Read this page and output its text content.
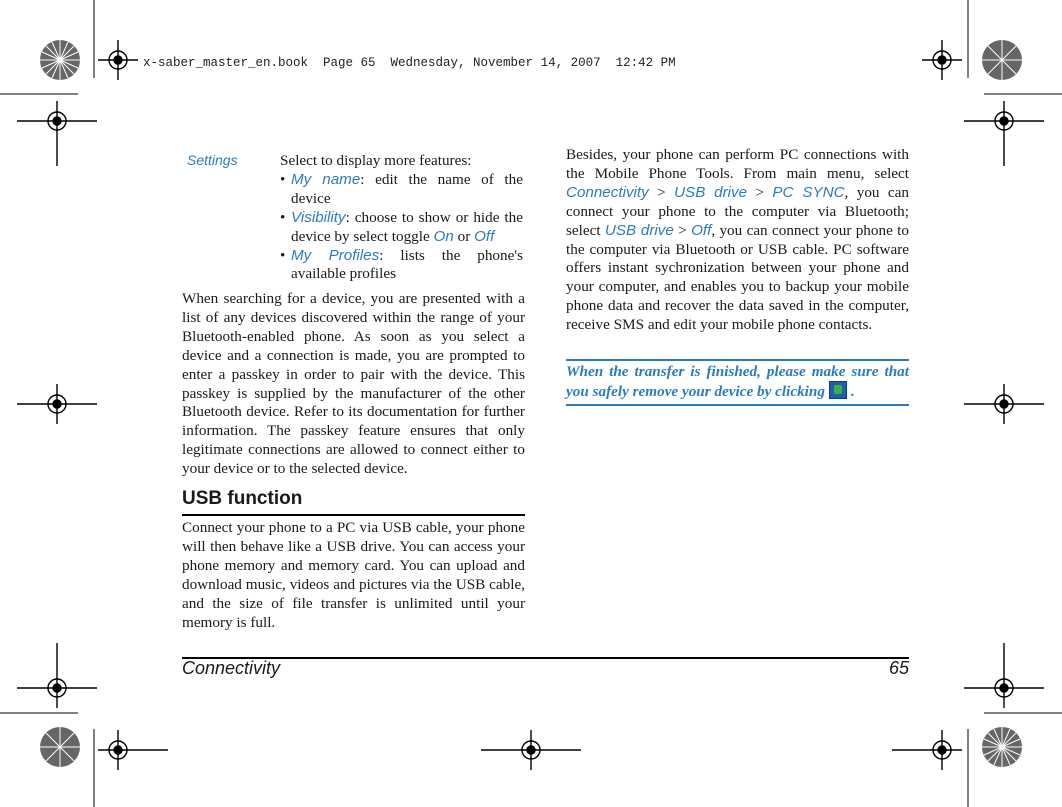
x-saber_master_en.book  Page 65  Wednesday, November 14, 2007  12:42 PM
Settings	Select to display more features:

• My name: edit the name of the device
• Visibility: choose to show or hide the device by select toggle On or Off
• My Profiles: lists the phone's available profiles
When searching for a device, you are presented with a list of any devices discovered within the range of your Bluetooth-enabled phone. As soon as you select a device and a connection is made, you are prompted to enter a passkey in order to pair with the device. This passkey is supplied by the manufacturer of the other Bluetooth device. Refer to its documentation for further information. The passkey feature ensures that only legitimate connections are allowed to connect either to your device or to the selected device.
USB function
Connect your phone to a PC via USB cable, your phone will then behave like a USB drive. You can access your phone memory and memory card. You can upload and download music, videos and pictures via the USB cable, and the size of file transfer is unlimited until your memory is full.
Besides, your phone can perform PC connections with the Mobile Phone Tools. From main menu, select Connectivity > USB drive > PC SYNC, you can connect your phone to the computer via Bluetooth; select USB drive > Off, you can connect your phone to the computer via Bluetooth or USB cable. PC software offers instant sychronization between your phone and your computer, and enables you to backup your mobile phone data and recover the data saved in the computer, receive SMS and edit your mobile phone contacts.
When the transfer is finished, please make sure that you safely remove your device by clicking .
Connectivity	65
